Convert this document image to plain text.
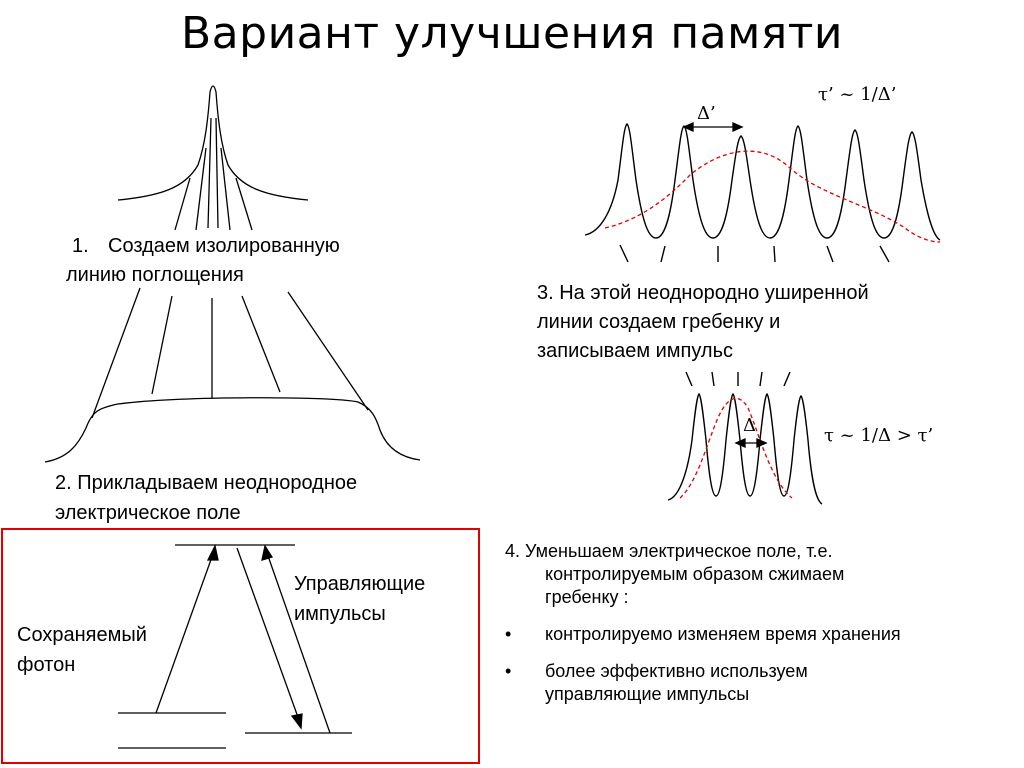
Вариант улучшения памяти
1. Создаем изолированную
линию поглощения
2. Прикладываем неоднородное
электрическое поле
3. На этой неоднородно уширенной
линии создаем гребенку и
записываем импульс
Δ’
τ’ ~ 1/Δ’
Δ	τ ~ 1/Δ > τ’
Сохраняемый
фотон
Управляющие
импульсы
4. Уменьшаем электрическое поле, т.е.
контролируемым образом сжимаем
гребенку :
•	контролируемо изменяем время хранения
•	более эффективно используем
управляющие импульсы
